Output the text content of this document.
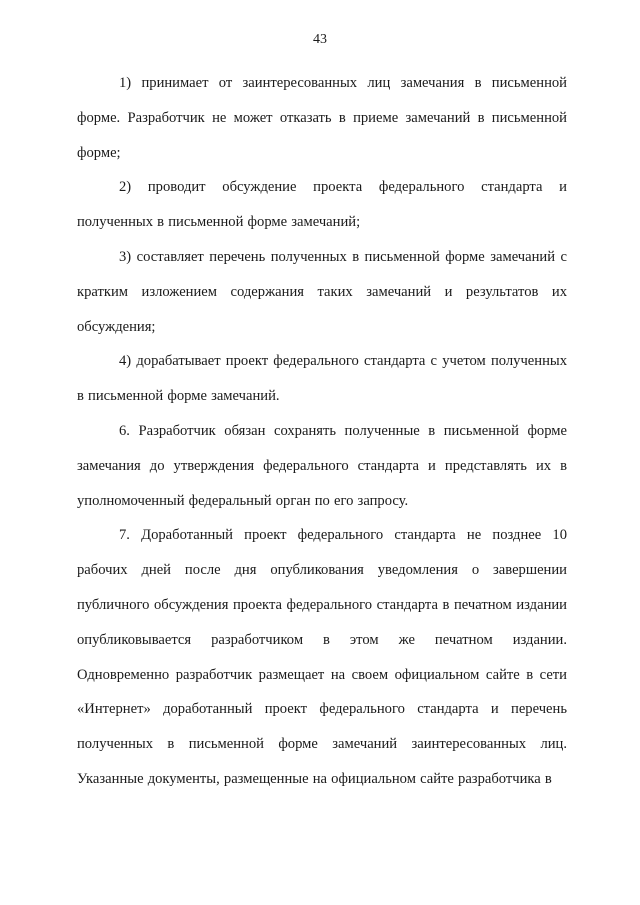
43

1) принимает от заинтересованных лиц замечания в письменной форме. Разработчик не может отказать в приеме замечаний в письменной форме;

2) проводит обсуждение проекта федерального стандарта и полученных в письменной форме замечаний;

3) составляет перечень полученных в письменной форме замечаний с кратким изложением содержания таких замечаний и результатов их обсуждения;

4) дорабатывает проект федерального стандарта с учетом полученных в письменной форме замечаний.

6. Разработчик обязан сохранять полученные в письменной форме замечания до утверждения федерального стандарта и представлять их в уполномоченный федеральный орган по его запросу.

7. Доработанный проект федерального стандарта не позднее 10 рабочих дней после дня опубликования уведомления о завершении публичного обсуждения проекта федерального стандарта в печатном издании опубликовывается разработчиком в этом же печатном издании. Одновременно разработчик размещает на своем официальном сайте в сети «Интернет» доработанный проект федерального стандарта и перечень полученных в письменной форме замечаний заинтересованных лиц. Указанные документы, размещенные на официальном сайте разработчика в
